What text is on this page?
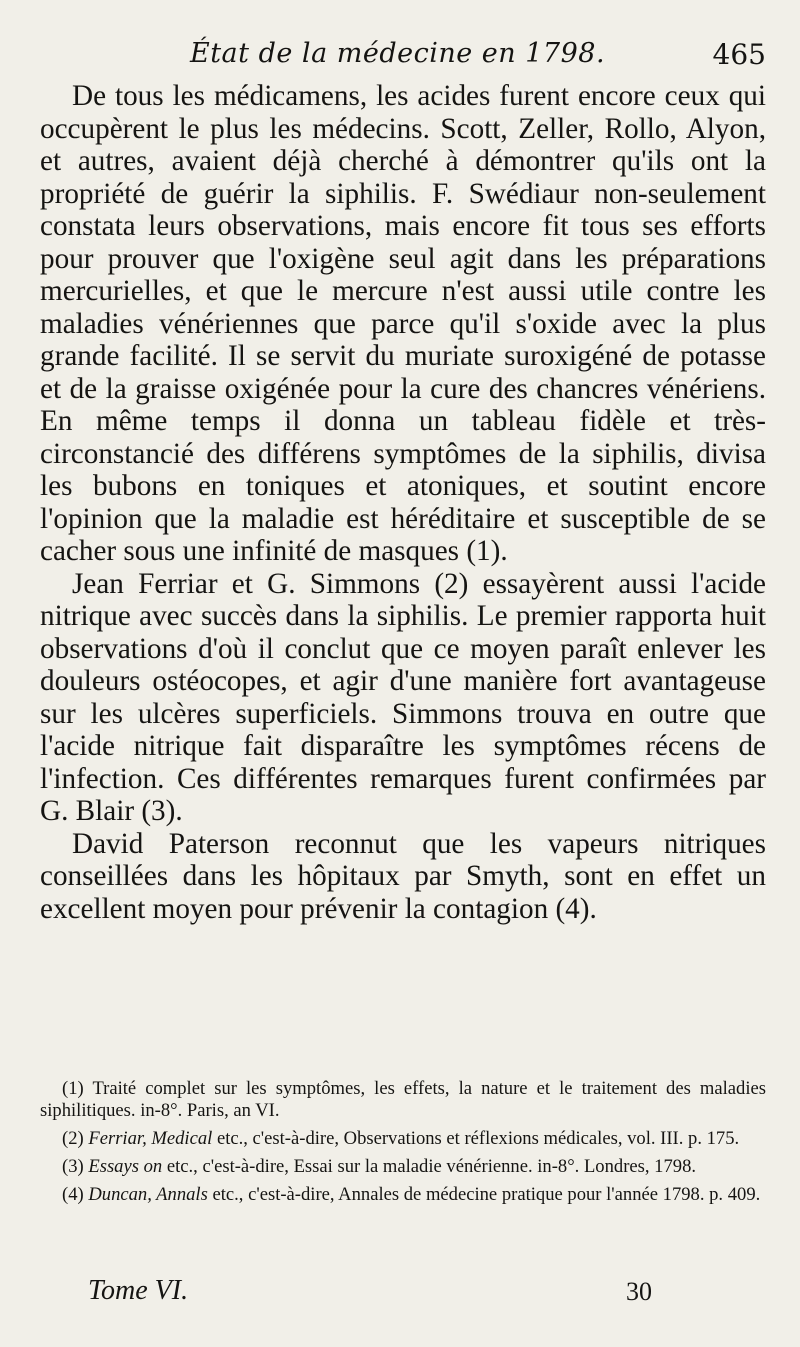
État de la médecine en 1798.	465

De tous les médicamens, les acides furent encore ceux qui occupèrent le plus les médecins. Scott, Zeller, Rollo, Alyon, et autres, avaient déjà cherché à démontrer qu'ils ont la propriété de guérir la siphilis. F. Swédiaur non-seulement constata leurs observations, mais encore fit tous ses efforts pour prouver que l'oxigène seul agit dans les préparations mercurielles, et que le mercure n'est aussi utile contre les maladies vénériennes que parce qu'il s'oxide avec la plus grande facilité. Il se servit du muriate suroxigéné de potasse et de la graisse oxigénée pour la cure des chancres vénériens. En même temps il donna un tableau fidèle et très-circonstancié des différens symptômes de la siphilis, divisa les bubons en toniques et atoniques, et soutint encore l'opinion que la maladie est héréditaire et susceptible de se cacher sous une infinité de masques (1).

Jean Ferriar et G. Simmons (2) essayèrent aussi l'acide nitrique avec succès dans la siphilis. Le premier rapporta huit observations d'où il conclut que ce moyen paraît enlever les douleurs ostéocopes, et agir d'une manière fort avantageuse sur les ulcères superficiels. Simmons trouva en outre que l'acide nitrique fait disparaître les symptômes récens de l'infection. Ces différentes remarques furent confirmées par G. Blair (3).

David Paterson reconnut que les vapeurs nitriques conseillées dans les hôpitaux par Smyth, sont en effet un excellent moyen pour prévenir la contagion (4).

(1) Traité complet sur les symptômes, les effets, la nature et le traitement des maladies siphilitiques. in-8°. Paris, an VI.

(2) Ferriar, Medical etc., c'est-à-dire, Observations et réflexions médicales, vol. III. p. 175.

(3) Essays on etc., c'est-à-dire, Essai sur la maladie vénérienne. in-8°. Londres, 1798.

(4) Duncan, Annals etc., c'est-à-dire, Annales de médecine pratique pour l'année 1798. p. 409.

Tome VI.	30
